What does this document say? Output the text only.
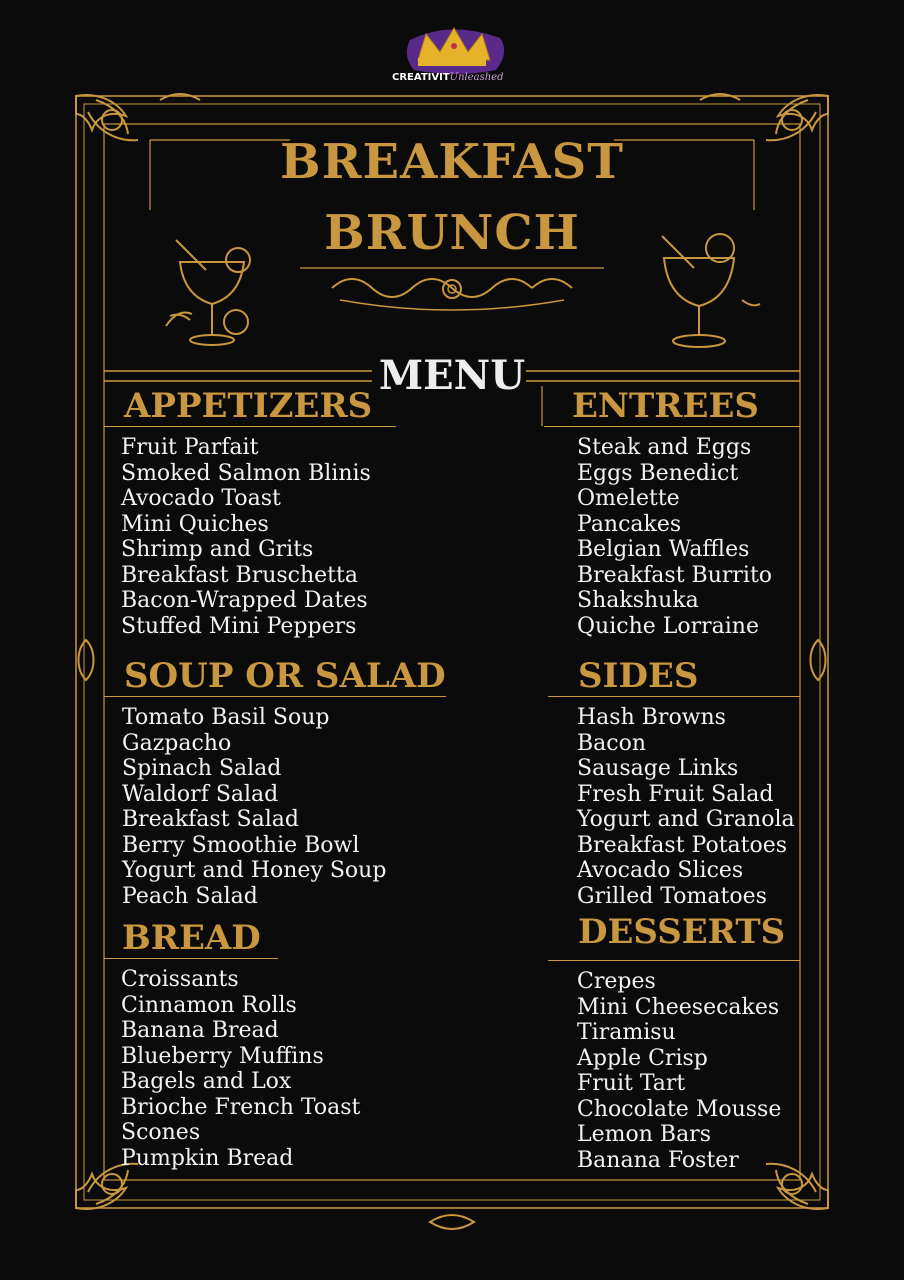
CREATIVITUnleashed
BREAKFAST
BRUNCH
MENU
APPETIZERS
Fruit Parfait
Smoked Salmon Blinis
Avocado Toast
Mini Quiches
Shrimp and Grits
Breakfast Bruschetta
Bacon-Wrapped Dates
Stuffed Mini Peppers
ENTREES
Steak and Eggs
Eggs Benedict
Omelette
Pancakes
Belgian Waffles
Breakfast Burrito
Shakshuka
Quiche Lorraine
SOUP OR SALAD
Tomato Basil Soup
Gazpacho
Spinach Salad
Waldorf Salad
Breakfast Salad
Berry Smoothie Bowl
Yogurt and Honey Soup
Peach Salad
SIDES
Hash Browns
Bacon
Sausage Links
Fresh Fruit Salad
Yogurt and Granola
Breakfast Potatoes
Avocado Slices
Grilled Tomatoes
BREAD
Croissants
Cinnamon Rolls
Banana Bread
Blueberry Muffins
Bagels and Lox
Brioche French Toast
Scones
Pumpkin Bread
DESSERTS
Crepes
Mini Cheesecakes
Tiramisu
Apple Crisp
Fruit Tart
Chocolate Mousse
Lemon Bars
Banana Foster
